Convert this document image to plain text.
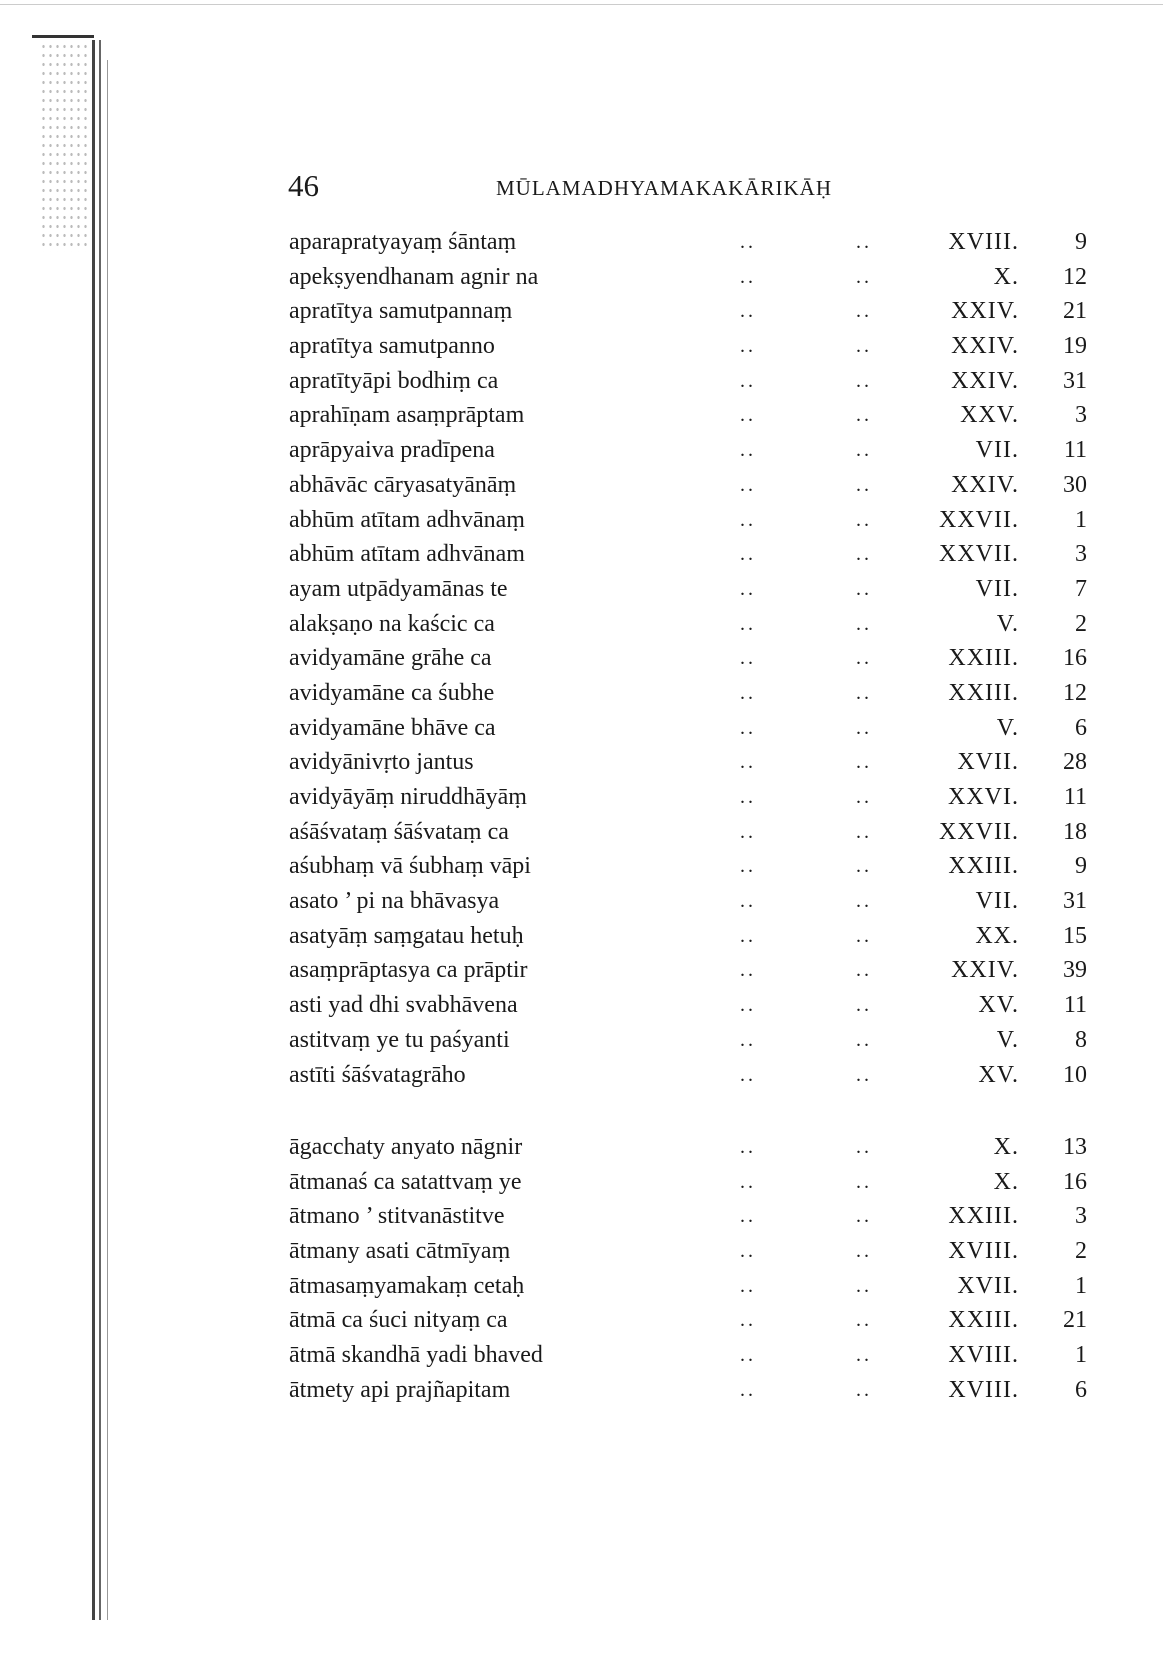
46	MŪLAMADHYAMAKAKĀRIKĀḤ
aparapratyayaṃ śāntaṃ	..	..	XVIII. 9
apekṣyendhanam agnir na	..	..	X. 12
apratītya samutpannaṃ	..	..	XXIV. 21
apratītya samutpanno	..	..	XXIV. 19
apratītyāpi bodhiṃ ca	..	..	XXIV. 31
aprahīṇam asaṃprāptam	..	..	XXV. 3
aprāpyaiva pradīpena	..	..	VII. 11
abhāvāc cāryasatyānāṃ	..	..	XXIV. 30
abhūm atītam adhvānaṃ	..	..	XXVII. 1
abhūm atītam adhvānam	..	..	XXVII. 3
ayam utpādyamānas te	..	..	VII. 7
alakṣaṇo na kaścic ca	..	..	V. 2
avidyamāne grāhe ca	..	..	XXIII. 16
avidyamāne ca śubhe	..	..	XXIII. 12
avidyamāne bhāve ca	..	..	V. 6
avidyānivṛto jantus	..	..	XVII. 28
avidyāyāṃ niruddhāyāṃ	..	..	XXVI. 11
aśāśvataṃ śāśvataṃ ca	..	..	XXVII. 18
aśubhaṃ vā śubhaṃ vāpi	..	..	XXIII. 9
asato ’ pi na bhāvasya	..	..	VII. 31
asatyāṃ saṃgatau hetuḥ	..	..	XX. 15
asaṃprāptasya ca prāptir	..	..	XXIV. 39
asti yad dhi svabhāvena	..	..	XV. 11
astitvaṃ ye tu paśyanti	..	..	V. 8
astīti śāśvatagrāho	..	..	XV. 10
āgacchaty anyato nāgnir	..	..	X. 13
ātmanaś ca satattvaṃ ye	..	..	X. 16
ātmano ’ stitvanāstitve	..	..	XXIII. 3
ātmany asati cātmīyaṃ	..	..	XVIII. 2
ātmasaṃyamakaṃ cetaḥ	..	..	XVII. 1
ātmā ca śuci nityaṃ ca	..	..	XXIII. 21
ātmā skandhā yadi bhaved	..	..	XVIII. 1
ātmety api prajñapitam	..	..	XVIII. 6
